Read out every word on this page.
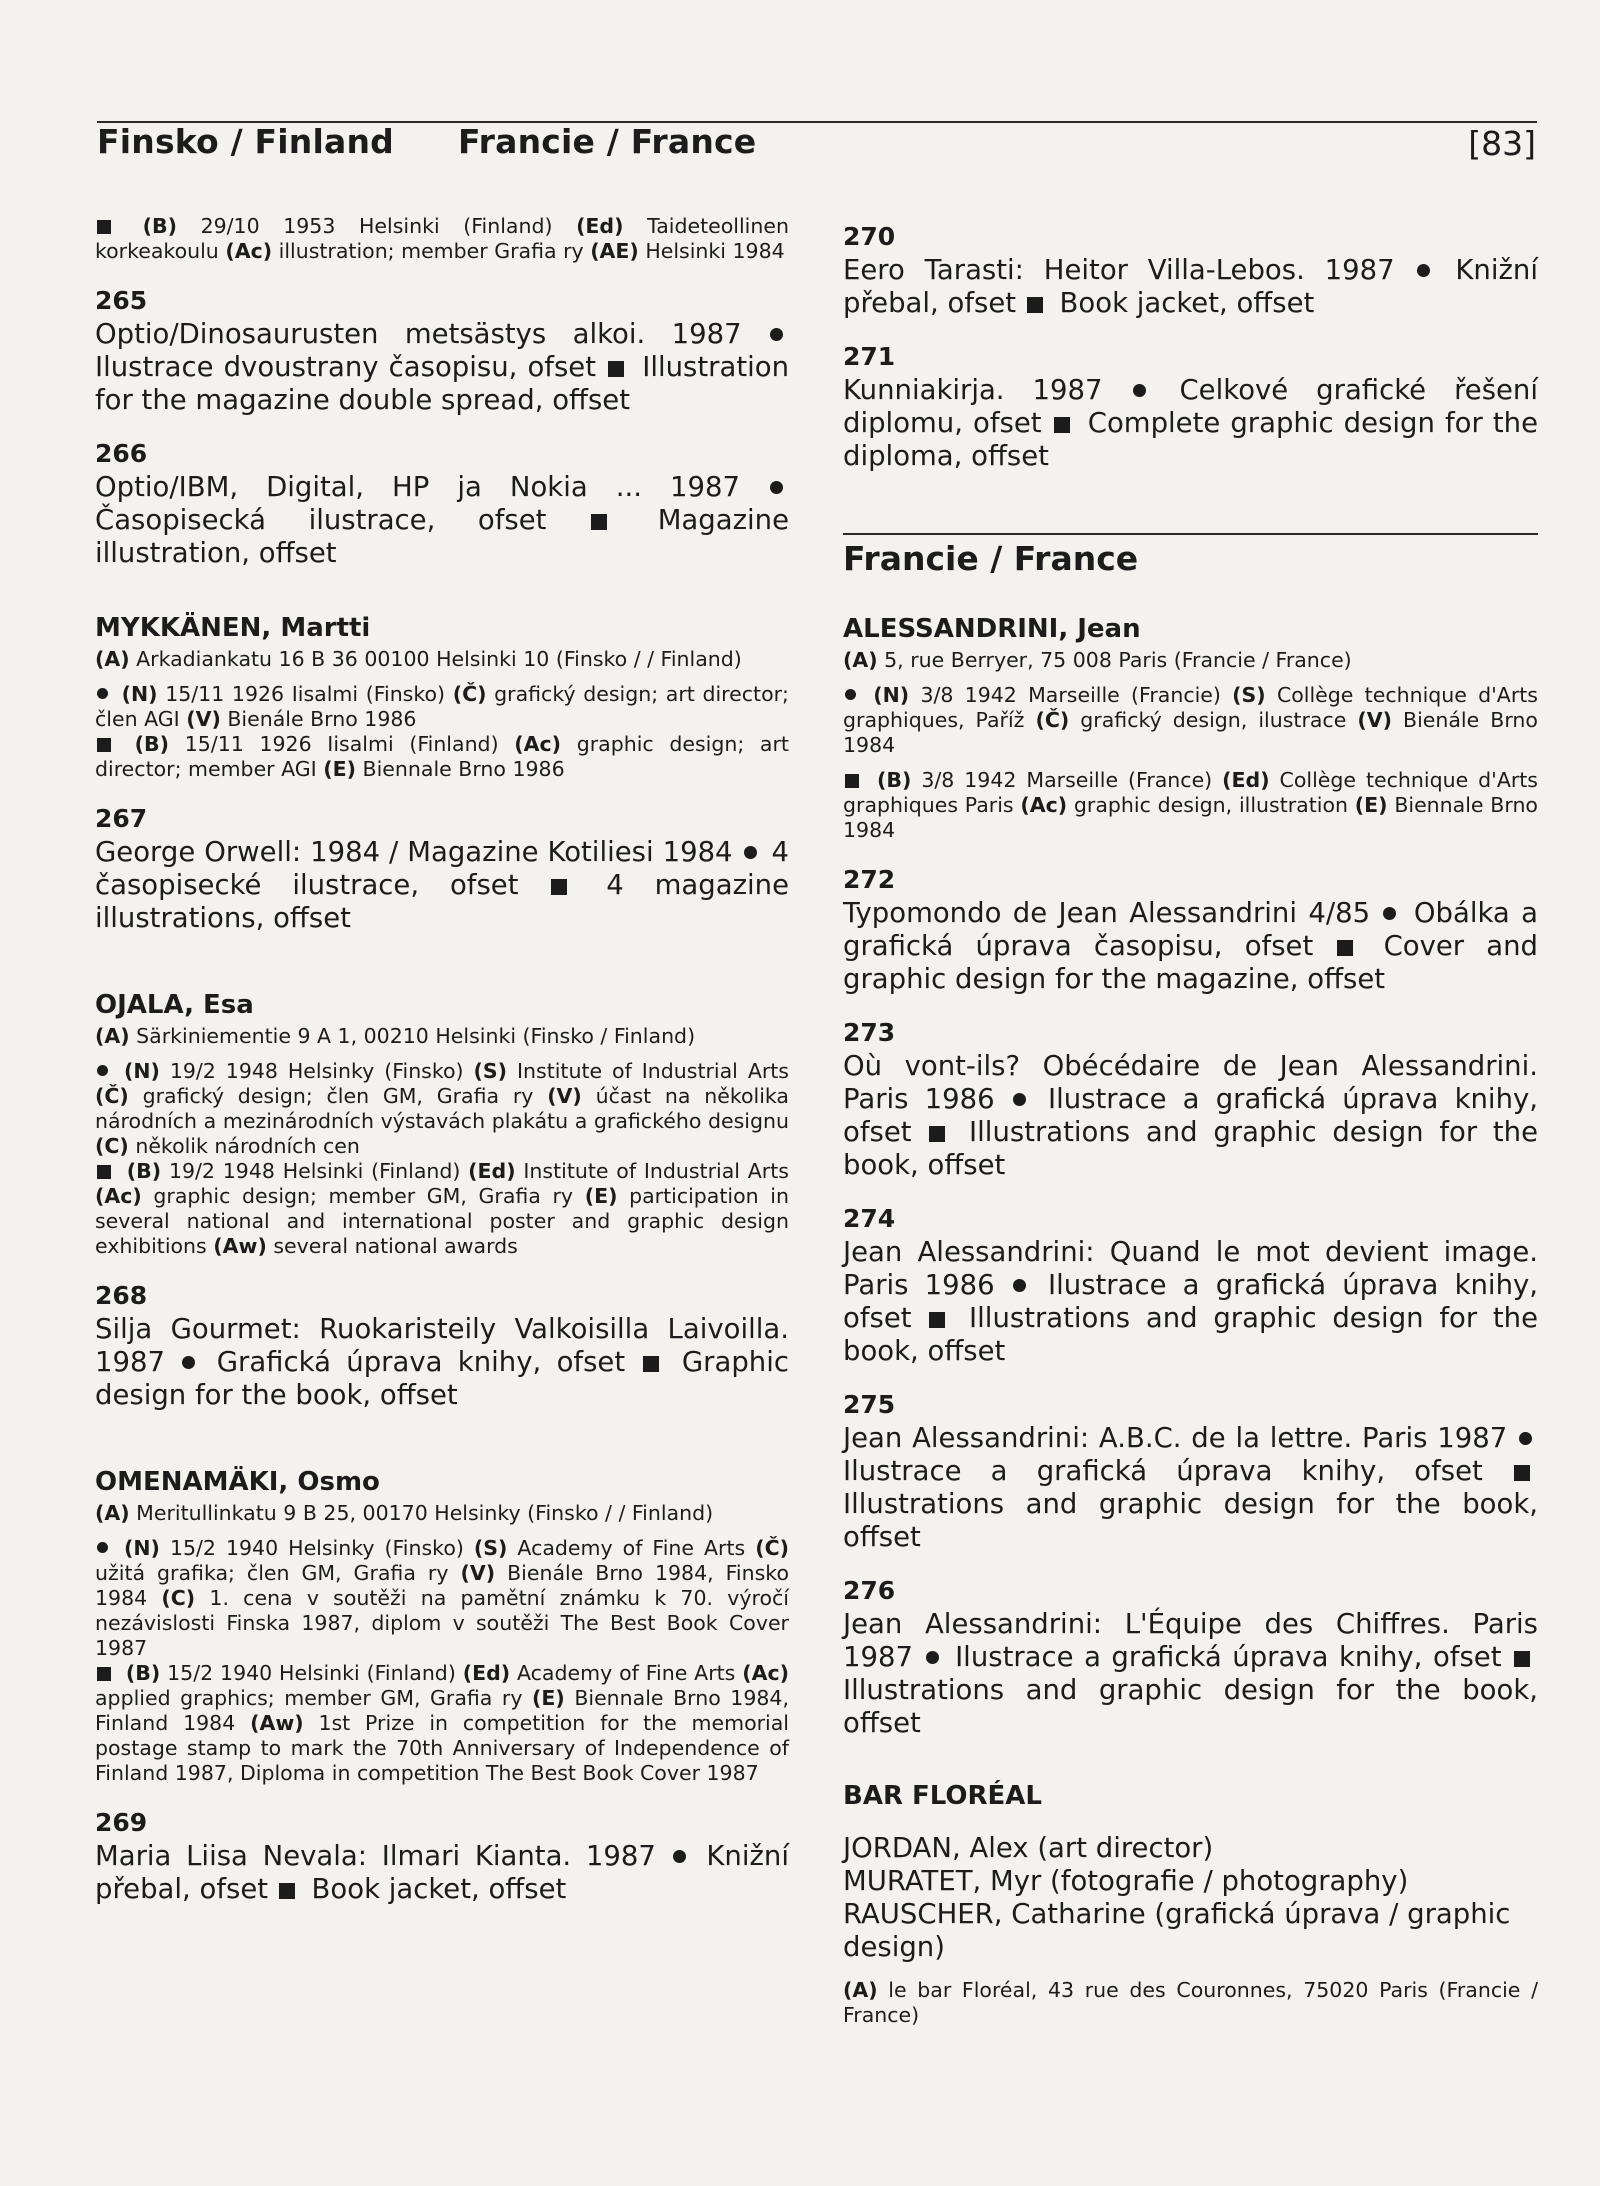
Finsko / Finland Francie / France	[83]

(B) 29/10 1953 Helsinki (Finland) (Ed) Taideteollinen korkeakoulu (Ac) illustration; member Grafia ry (AE) Helsinki 1984

265

Optio/Dinosaurusten metsästys alkoi. 1987  Ilustrace dvoustrany časopisu, ofset Illustration for the magazine double spread, offset

266

Optio/IBM, Digital, HP ja Nokia ... 1987  Časopisecká ilustrace, ofset	Magazine illustration, offset

MYKKÄNEN, Martti

(A) Arkadiankatu 16 B 36 00100 Helsinki 10 (Finsko / / Finland)

(N) 15/11 1926 Iisalmi (Finsko) (Č) grafický design; art director; člen AGI (V) Bienále Brno 1986

(B) 15/11 1926 Iisalmi (Finland) (Ac) graphic design; art director; member AGI (E) Biennale Brno 1986

267

George Orwell: 1984 / Magazine Kotiliesi 1984 4 časopisecké ilustrace, ofset	4 magazine illustrations, offset

OJALA, Esa

(A) Särkiniementie 9 A 1, 00210 Helsinki (Finsko / Finland)

(N) 19/2 1948 Helsinky (Finsko) (S) Institute of Industrial Arts (Č) grafický design; člen GM, Grafia ry (V) účast na několika národních a mezinárodních výstavách plakátu a grafického designu (C) několik národních cen

(B) 19/2 1948 Helsinki (Finland) (Ed) Institute of Industrial Arts (Ac) graphic design; member GM, Grafia ry (E) participation in several national and international poster and graphic design exhibitions (Aw) several national awards

268

Silja Gourmet: Ruokaristeily Valkoisilla Laivoilla. 1987 Grafická úprava knihy, ofset Graphic design for the book, offset

OMENAMÄKI, Osmo

(A) Meritullinkatu 9 B 25, 00170 Helsinky (Finsko / / Finland)

(N) 15/2 1940 Helsinky (Finsko) (S) Academy of Fine Arts (Č) užitá grafika; člen GM, Grafia ry (V) Bienále Brno 1984, Finsko 1984 (C) 1. cena v soutěži na pamětní známku k 70. výročí nezávislosti Finska 1987, diplom v soutěži The Best Book Cover 1987

(B) 15/2 1940 Helsinki (Finland) (Ed) Academy of Fine Arts (Ac) applied graphics; member GM, Grafia ry (E) Biennale Brno 1984, Finland 1984 (Aw) 1st Prize in competition for the memorial postage stamp to mark the 70th Anniversary of Independence of Finland 1987, Diploma in competition The Best Book Cover 1987

269

Maria Liisa Nevala: Ilmari Kianta. 1987 Knižní přebal, ofset Book jacket, offset

270

Eero Tarasti: Heitor Villa-Lebos. 1987 Knižní přebal, ofset Book jacket, offset

271

Kunniakirja. 1987	Celkové grafické řešení diplomu, ofset Complete graphic design for the diploma, offset

Francie / France
ALESSANDRINI, Jean

(A) 5, rue Berryer, 75 008 Paris (Francie / France)

(N) 3/8 1942 Marseille (Francie) (S) Collège technique d'Arts graphiques, Paříž (Č) grafický design, ilustrace (V) Bienále Brno 1984

(B) 3/8 1942 Marseille (France) (Ed) Collège technique d'Arts graphiques Paris (Ac) graphic design, illustration (E) Biennale Brno 1984

272

Typomondo de Jean Alessandrini 4/85 Obálka a grafická úprava časopisu, ofset	Cover and graphic design for the magazine, offset

273

Où vont-ils? Obécédaire de Jean Alessandrini. Paris 1986 Ilustrace a grafická úprava knihy, ofset Illustrations and graphic design for the book, offset

274

Jean Alessandrini: Quand le mot devient image. Paris 1986 Ilustrace a grafická úprava knihy, ofset Illustrations and graphic design for the book, offset

275

Jean Alessandrini: A.B.C. de la lettre. Paris 1987  Ilustrace a grafická úprava knihy, ofset  Illustrations and graphic design for the book, offset

276

Jean Alessandrini: L'Équipe des Chiffres. Paris 1987 Ilustrace a grafická úprava knihy, ofset  Illustrations and graphic design for the book, offset

BAR FLORÉAL
JORDAN, Alex (art director)
MURATET, Myr (fotografie / photography)
RAUSCHER, Catharine (grafická úprava / graphic design)

(A) le bar Floréal, 43 rue des Couronnes, 75020 Paris (Francie / France)
